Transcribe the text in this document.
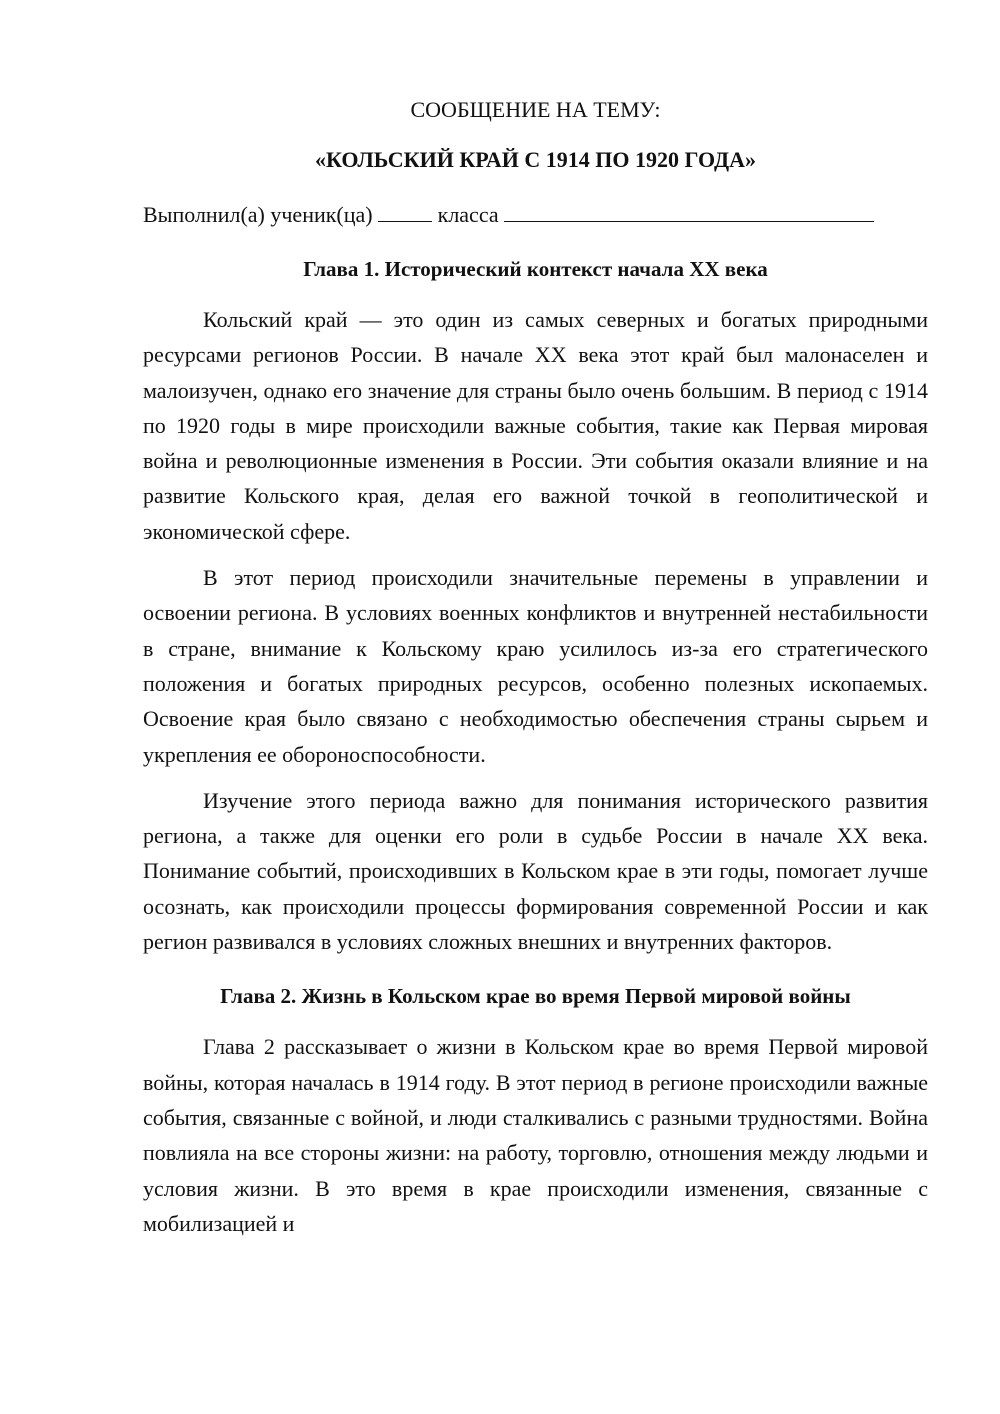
СООБЩЕНИЕ НА ТЕМУ:

«КОЛЬСКИЙ КРАЙ С 1914 ПО 1920 ГОДА»

Выполнил(а) ученик(ца)	класса
Глава 1. Исторический контекст начала XX века

Кольский край — это один из самых северных и богатых природными ресурсами регионов России. В начале XX века этот край был малонаселен и малоизучен, однако его значение для страны было очень большим. В период с 1914 по 1920 годы в мире происходили важные события, такие как Первая мировая война и революционные изменения в России. Эти события оказали влияние и на развитие Кольского края, делая его важной точкой в геополитической и экономической сфере.

В этот период происходили значительные перемены в управлении и освоении региона. В условиях военных конфликтов и внутренней нестабильности в стране, внимание к Кольскому краю усилилось из-за его стратегического положения и богатых природных ресурсов, особенно полезных ископаемых. Освоение края было связано с необходимостью обеспечения страны сырьем и укрепления ее обороноспособности.

Изучение этого периода важно для понимания исторического развития региона, а также для оценки его роли в судьбе России в начале XX века. Понимание событий, происходивших в Кольском крае в эти годы, помогает лучше осознать, как происходили процессы формирования современной России и как регион развивался в условиях сложных внешних и внутренних факторов.

Глава 2. Жизнь в Кольском крае во время Первой мировой войны

Глава 2 рассказывает о жизни в Кольском крае во время Первой мировой войны, которая началась в 1914 году. В этот период в регионе происходили важные события, связанные с войной, и люди сталкивались с разными трудностями. Война повлияла на все стороны жизни: на работу, торговлю, отношения между людьми и условия жизни. В это время в крае происходили изменения, связанные с мобилизацией и
